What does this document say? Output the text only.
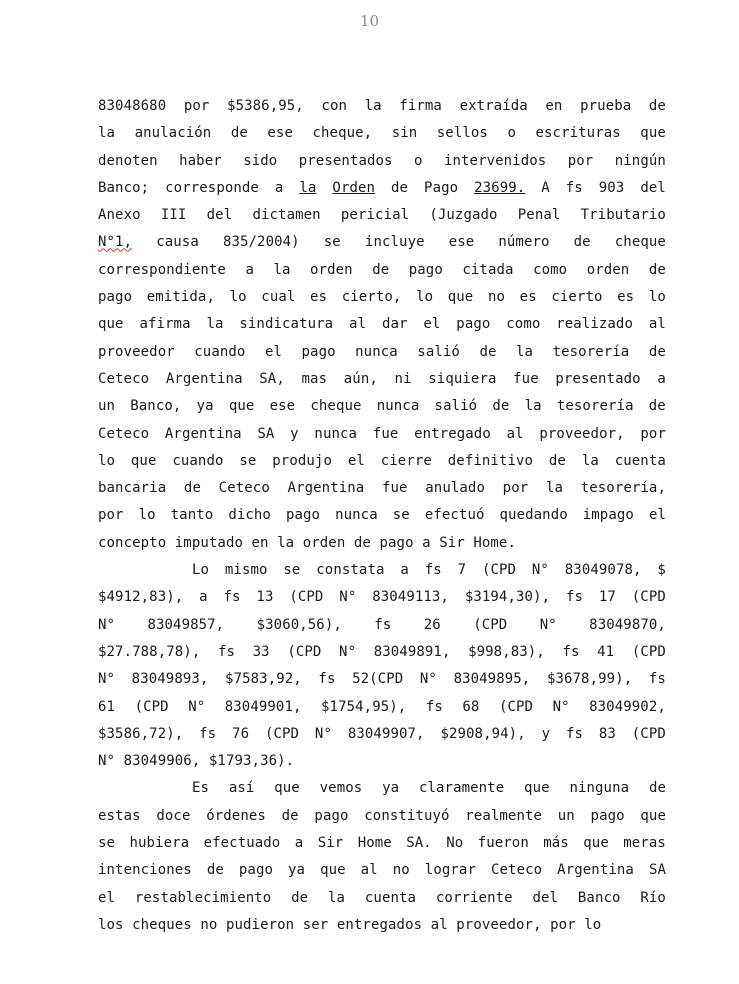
10
83048680 por $5386,95, con la firma extraída en prueba de
la anulación de ese cheque, sin sellos o escrituras que
denoten haber sido presentados o intervenidos por ningún
Banco; corresponde a la Orden de Pago 23699. A fs 903 del
Anexo III del dictamen pericial (Juzgado Penal Tributario
N°1, causa 835/2004) se incluye ese número de cheque
correspondiente a la orden de pago citada como orden de
pago emitida, lo cual es cierto, lo que no es cierto es lo
que afirma la sindicatura al dar el pago como realizado al
proveedor cuando el pago nunca salió de la tesorería de
Ceteco Argentina SA, mas aún, ni siquiera fue presentado a
un Banco, ya que ese cheque nunca salió de la tesorería de
Ceteco Argentina SA y nunca fue entregado al proveedor, por
lo que cuando se produjo el cierre definitivo de la cuenta
bancaria de Ceteco Argentina fue anulado por la tesorería,
por lo tanto dicho pago nunca se efectuó quedando impago el
concepto imputado en la orden de pago a Sir Home.
Lo mismo se constata a fs 7 (CPD N° 83049078, $
$4912,83), a fs 13 (CPD N° 83049113, $3194,30), fs 17 (CPD
N° 83049857, $3060,56), fs 26 (CPD N° 83049870,
$27.788,78), fs 33 (CPD N° 83049891, $998,83), fs 41 (CPD
N° 83049893, $7583,92, fs 52(CPD N° 83049895, $3678,99), fs
61 (CPD N° 83049901, $1754,95), fs 68 (CPD N° 83049902,
$3586,72), fs 76 (CPD N° 83049907, $2908,94), y fs 83 (CPD
N° 83049906, $1793,36).
Es así que vemos ya claramente que ninguna de
estas doce órdenes de pago constituyó realmente un pago que
se hubiera efectuado a Sir Home SA. No fueron más que meras
intenciones de pago ya que al no lograr Ceteco Argentina SA
el restablecimiento de la cuenta corriente del Banco Río
los cheques no pudieron ser entregados al proveedor, por lo
